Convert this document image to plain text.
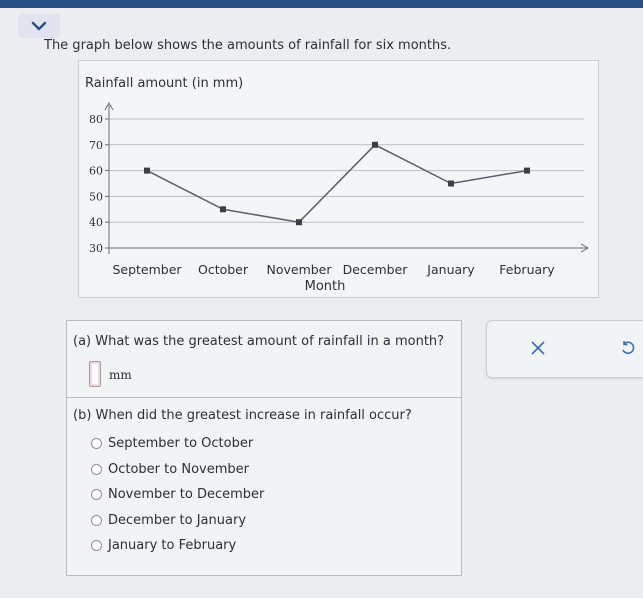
The graph below shows the amounts of rainfall for six months.
80
70
60
50
40
30
September October November December January February
Rainfall amount (in mm)
Month
(a) What was the greatest amount of rainfall in a month?
mm
(b) When did the greatest increase in rainfall occur?
September to October
October to November
November to December
December to January
January to February
